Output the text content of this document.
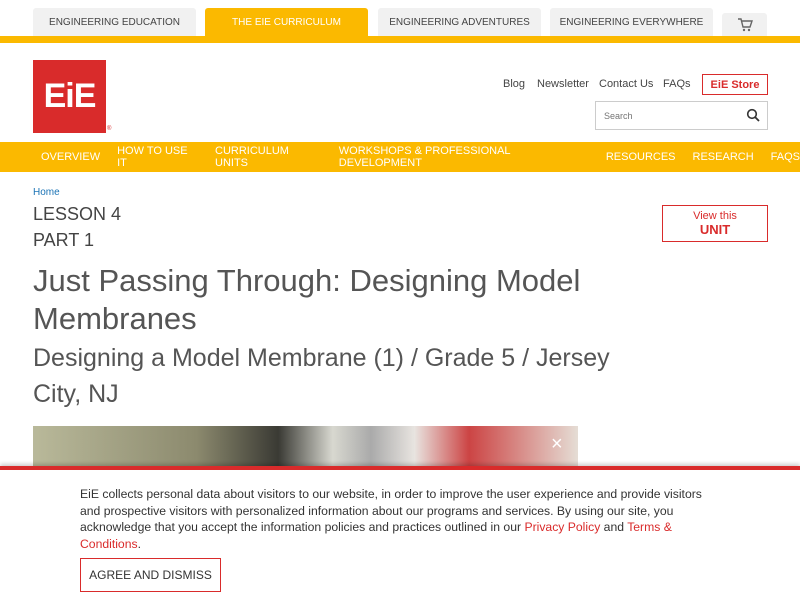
ENGINEERING EDUCATION	THE EIE CURRICULUM	ENGINEERING ADVENTURES	ENGINEERING EVERYWHERE
EiE
®
Blog Newsletter Contact Us FAQs	EiE Store
Search
OVERVIEW HOW TO USE IT
CURRICULUM UNITS
WORKSHOPS & PROFESSIONAL DEVELOPMENT	RESOURCES RESEARCH FAQS
Home
LESSON 4
PART 1
Just Passing Through: Designing Model Membranes
Designing a Model Membrane (1) / Grade 5 / Jersey City, NJ
View this
UNIT
×

EiE collects personal data about visitors to our website, in order to improve the user experience and provide visitors and prospective visitors with personalized information about our programs and services. By using our site, you acknowledge that you accept the information policies and practices outlined in our Privacy Policy and Terms & Conditions.

AGREE AND DISMISS
